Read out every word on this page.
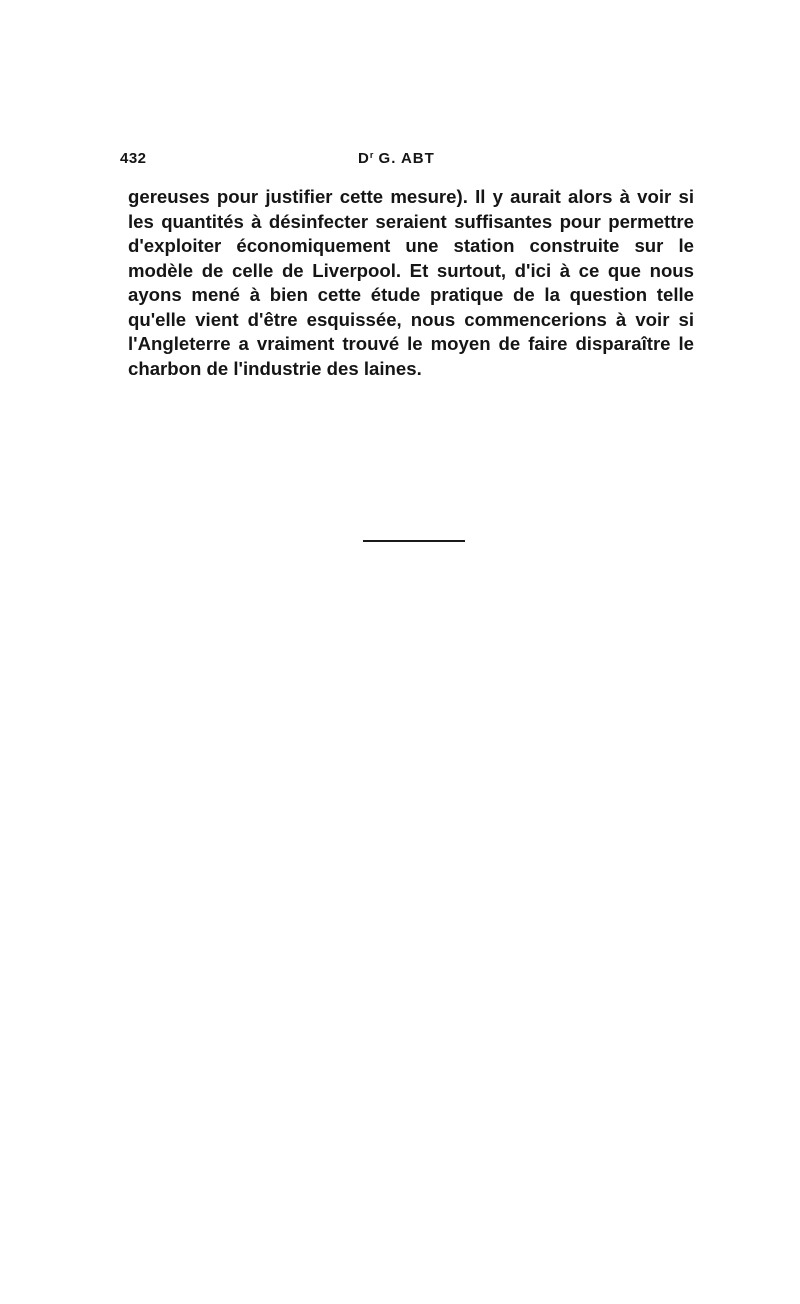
432	$D^r$ G. ABT

gereuses pour justifier cette mesure). Il y aurait alors à voir si les quantités à désinfecter seraient suffisantes pour permettre d'exploiter économiquement une station construite sur le modèle de celle de Liverpool. Et surtout, d'ici à ce que nous ayons mené à bien cette étude pratique de la question telle qu'elle vient d'être esquissée, nous commencerions à voir si l'Angleterre a vraiment trouvé le moyen de faire disparaître le charbon de l'industrie des laines.
